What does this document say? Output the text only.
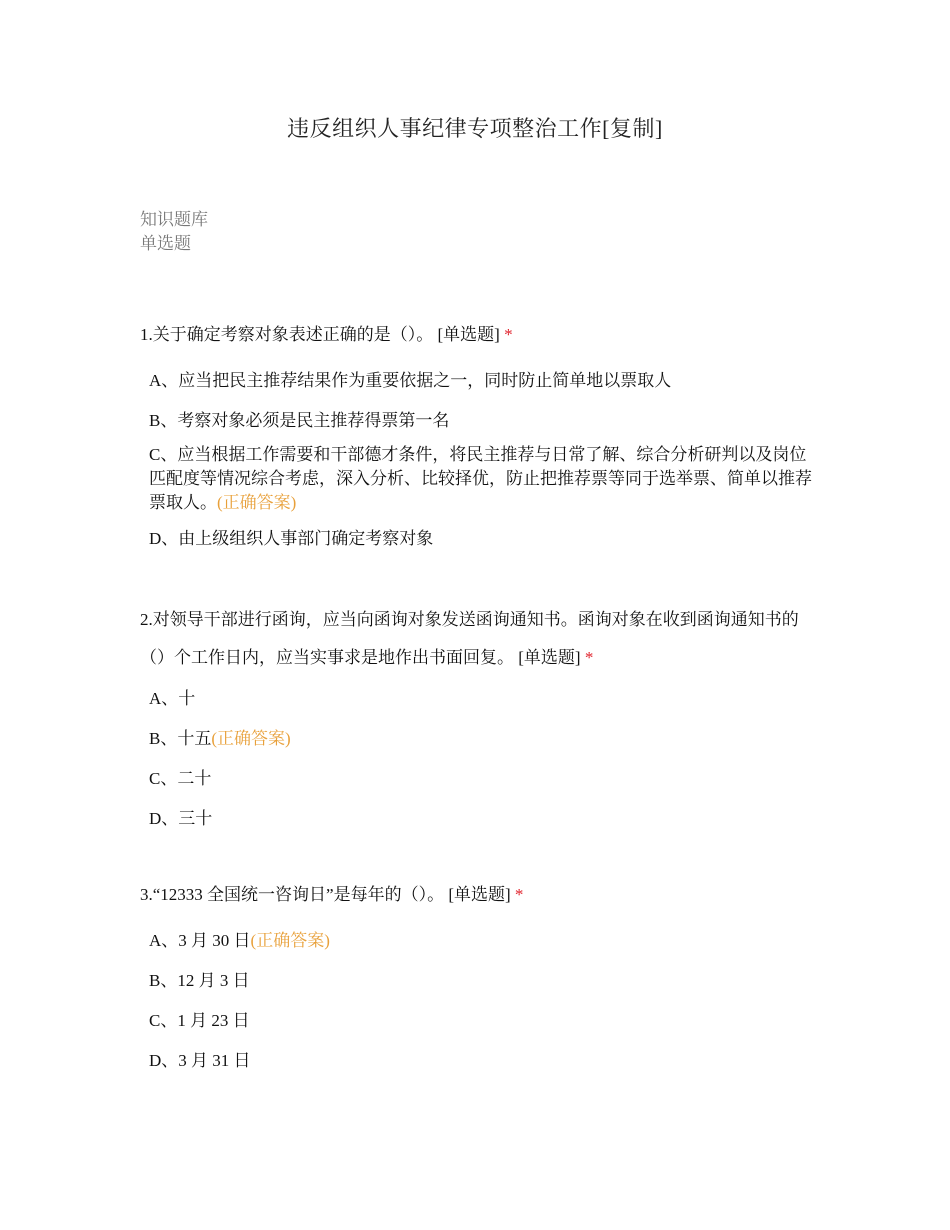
违反组织人事纪律专项整治工作[复制]
知识题库
单选题
1.关于确定考察对象表述正确的是（）。 [单选题] *
A、应当把民主推荐结果作为重要依据之一，同时防止简单地以票取人
B、考察对象必须是民主推荐得票第一名
C、应当根据工作需要和干部德才条件，将民主推荐与日常了解、综合分析研判以及岗位匹配度等情况综合考虑，深入分析、比较择优，防止把推荐票等同于选举票、简单以推荐票取人。(正确答案)
D、由上级组织人事部门确定考察对象
2.对领导干部进行函询，应当向函询对象发送函询通知书。函询对象在收到函询通知书的（）个工作日内，应当实事求是地作出书面回复。 [单选题] *
A、十
B、十五(正确答案)
C、二十
D、三十
3.“12333 全国统一咨询日”是每年的（）。 [单选题] *
A、3 月 30 日(正确答案)
B、12 月 3 日
C、1 月 23 日
D、3 月 31 日
